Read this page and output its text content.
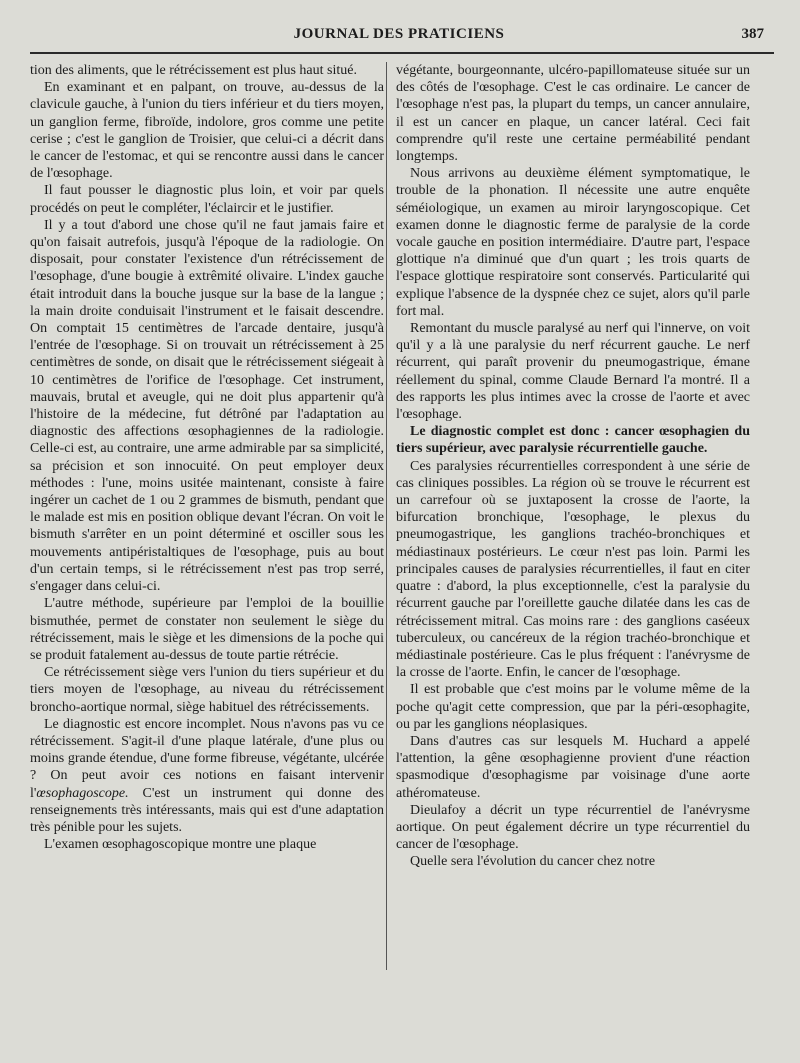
JOURNAL DES PRATICIENS	387

tion des aliments, que le rétrécissement est plus haut situé.

En examinant et en palpant, on trouve, au-dessus de la clavicule gauche, à l'union du tiers inférieur et du tiers moyen, un ganglion ferme, fibroïde, indolore, gros comme une petite cerise ; c'est le ganglion de Troisier, que celui-ci a décrit dans le cancer de l'estomac, et qui se rencontre aussi dans le cancer de l'œsophage.

Il faut pousser le diagnostic plus loin, et voir par quels procédés on peut le compléter, l'éclaircir et le justifier.

Il y a tout d'abord une chose qu'il ne faut jamais faire et qu'on faisait autrefois, jusqu'à l'époque de la radiologie. On disposait, pour constater l'existence d'un rétrécissement de l'œsophage, d'une bougie à extrêmité olivaire. L'index gauche était introduit dans la bouche jusque sur la base de la langue ; la main droite conduisait l'instrument et le faisait descendre. On comptait 15 centimètres de l'arcade dentaire, jusqu'à l'entrée de l'œsophage. Si on trouvait un rétrécissement à 25 centimètres de sonde, on disait que le rétrécissement siégeait à 10 centimètres de l'orifice de l'œsophage. Cet instrument, mauvais, brutal et aveugle, qui ne doit plus appartenir qu'à l'histoire de la médecine, fut détrôné par l'adaptation au diagnostic des affections œsophagiennes de la radiologie. Celle-ci est, au contraire, une arme admirable par sa simplicité, sa précision et son innocuité. On peut employer deux méthodes : l'une, moins usitée maintenant, consiste à faire ingérer un cachet de 1 ou 2 grammes de bismuth, pendant que le malade est mis en position oblique devant l'écran. On voit le bismuth s'arrêter en un point déterminé et osciller sous les mouvements antipéristaltiques de l'œsophage, puis au bout d'un certain temps, si le rétrécissement n'est pas trop serré, s'engager dans celui-ci.

L'autre méthode, supérieure par l'emploi de la bouillie bismuthée, permet de constater non seulement le siège du rétrécissement, mais le siège et les dimensions de la poche qui se produit fatalement au-dessus de toute partie rétrécie.

Ce rétrécissement siège vers l'union du tiers supérieur et du tiers moyen de l'œsophage, au niveau du rétrécissement broncho-aortique normal, siège habituel des rétrécissements.

Le diagnostic est encore incomplet. Nous n'avons pas vu ce rétrécissement. S'agit-il d'une plaque latérale, d'une plus ou moins grande étendue, d'une forme fibreuse, végétante, ulcérée ? On peut avoir ces notions en faisant intervenir l'œsophagoscope. C'est un instrument qui donne des renseignements très intéressants, mais qui est d'une adaptation très pénible pour les sujets.

L'examen œsophagoscopique montre une plaque

végétante, bourgeonnante, ulcéro-papillomateuse située sur un des côtés de l'œsophage. C'est le cas ordinaire. Le cancer de l'œsophage n'est pas, la plupart du temps, un cancer annulaire, il est un cancer en plaque, un cancer latéral. Ceci fait comprendre qu'il reste une certaine perméabilité pendant longtemps.

Nous arrivons au deuxième élément symptomatique, le trouble de la phonation. Il nécessite une autre enquête séméiologique, un examen au miroir laryngoscopique. Cet examen donne le diagnostic ferme de paralysie de la corde vocale gauche en position intermédiaire. D'autre part, l'espace glottique n'a diminué que d'un quart ; les trois quarts de l'espace glottique respiratoire sont conservés. Particularité qui explique l'absence de la dyspnée chez ce sujet, alors qu'il parle fort mal.

Remontant du muscle paralysé au nerf qui l'innerve, on voit qu'il y a là une paralysie du nerf récurrent gauche. Le nerf récurrent, qui paraît provenir du pneumogastrique, émane réellement du spinal, comme Claude Bernard l'a montré. Il a des rapports les plus intimes avec la crosse de l'aorte et avec l'œsophage.

Le diagnostic complet est donc : cancer œsophagien du tiers supérieur, avec paralysie récurrentielle gauche.

Ces paralysies récurrentielles correspondent à une série de cas cliniques possibles. La région où se trouve le récurrent est un carrefour où se juxtaposent la crosse de l'aorte, la bifurcation bronchique, l'œsophage, le plexus du pneumogastrique, les ganglions trachéo-bronchiques et médiastinaux postérieurs. Le cœur n'est pas loin. Parmi les principales causes de paralysies récurrentielles, il faut en citer quatre : d'abord, la plus exceptionnelle, c'est la paralysie du récurrent gauche par l'oreillette gauche dilatée dans les cas de rétrécissement mitral. Cas moins rare : des ganglions caséeux tuberculeux, ou cancéreux de la région trachéo-bronchique et médiastinale postérieure. Cas le plus fréquent : l'anévrysme de la crosse de l'aorte. Enfin, le cancer de l'œsophage.

Il est probable que c'est moins par le volume même de la poche qu'agit cette compression, que par la péri-œsophagite, ou par les ganglions néoplasiques.

Dans d'autres cas sur lesquels M. Huchard a appelé l'attention, la gêne œsophagienne provient d'une réaction spasmodique d'œsophagisme par voisinage d'une aorte athéromateuse.

Dieulafoy a décrit un type récurrentiel de l'anévrysme aortique. On peut également décrire un type récurrentiel du cancer de l'œsophage.

Quelle sera l'évolution du cancer chez notre
